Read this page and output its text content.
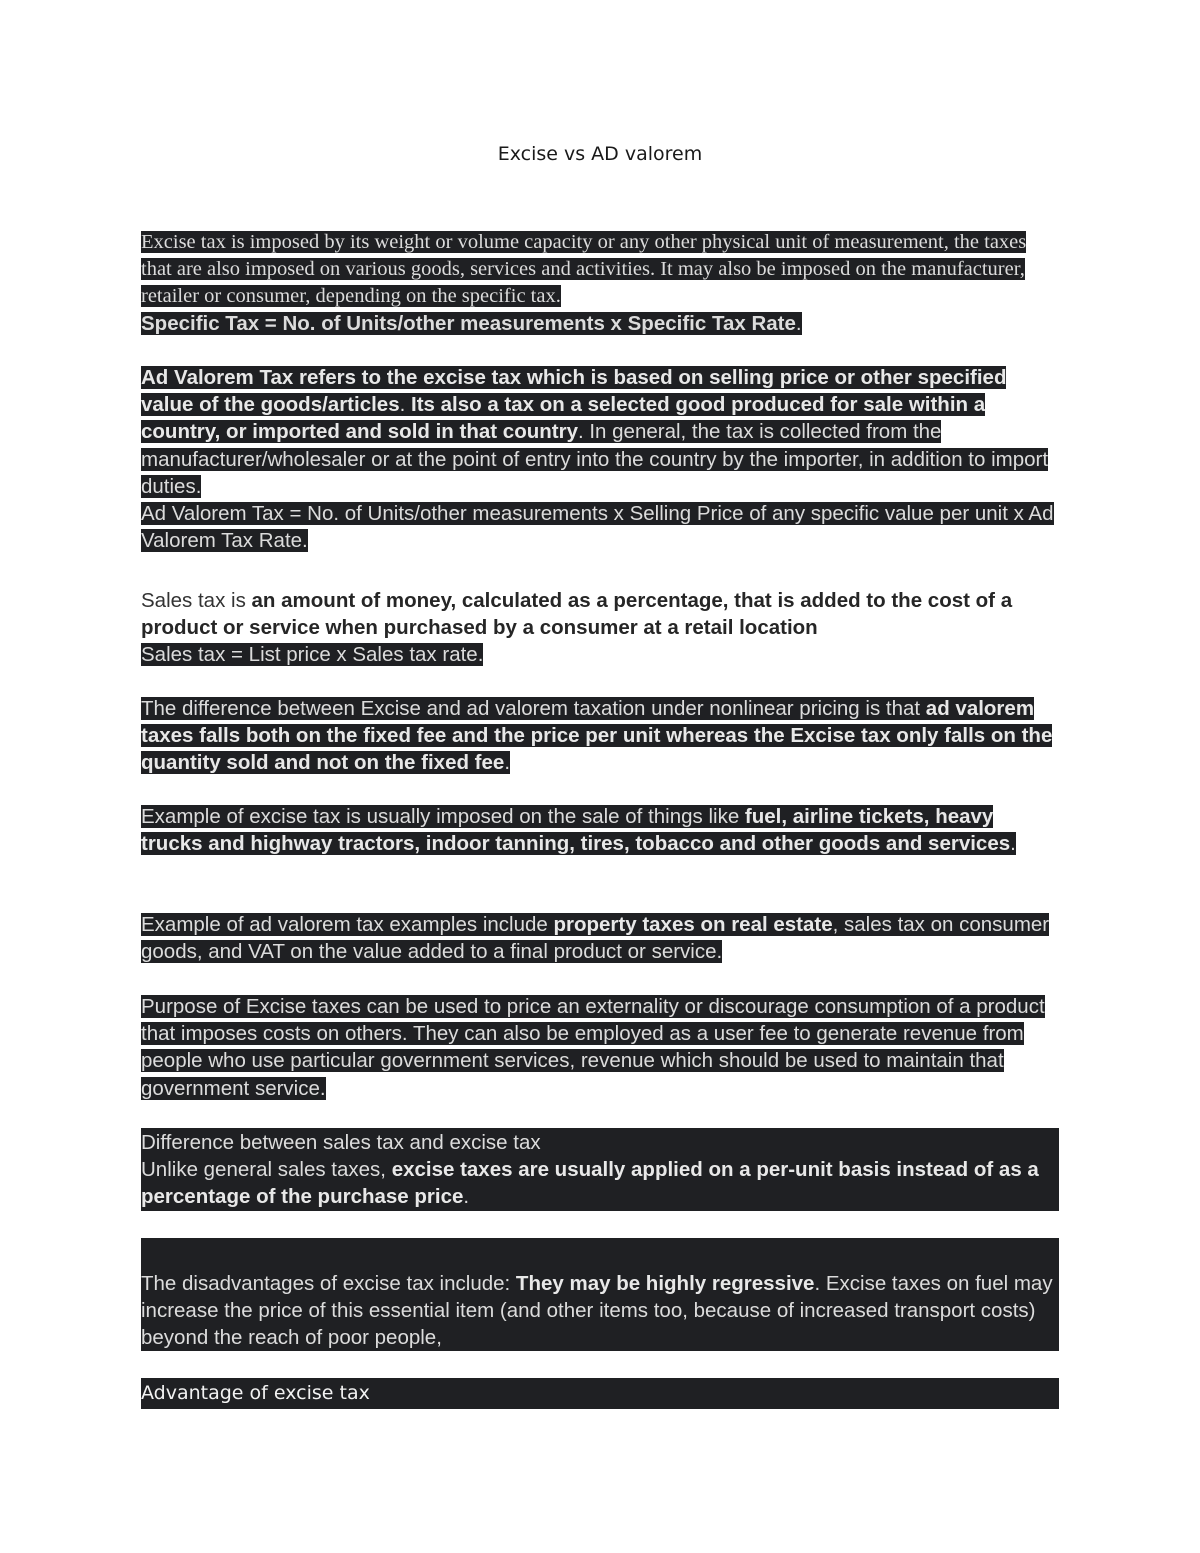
Excise vs AD valorem
Excise tax is imposed by its weight or volume capacity or any other physical unit of measurement, the taxes that are also imposed on various goods, services and activities. It may also be imposed on the manufacturer, retailer or consumer, depending on the specific tax.
Specific Tax = No. of Units/other measurements x Specific Tax Rate.
Ad Valorem Tax refers to the excise tax which is based on selling price or other specified value of the goods/articles. Its also a tax on a selected good produced for sale within a country, or imported and sold in that country. In general, the tax is collected from the manufacturer/wholesaler or at the point of entry into the country by the importer, in addition to import duties.
Ad Valorem Tax = No. of Units/other measurements x Selling Price of any specific value per unit x Ad Valorem Tax Rate.
Sales tax is an amount of money, calculated as a percentage, that is added to the cost of a product or service when purchased by a consumer at a retail location
Sales tax = List price x Sales tax rate.
The difference between Excise and ad valorem taxation under nonlinear pricing is that ad valorem taxes falls both on the fixed fee and the price per unit whereas the Excise tax only falls on the quantity sold and not on the fixed fee.
Example of excise tax is usually imposed on the sale of things like fuel, airline tickets, heavy trucks and highway tractors, indoor tanning, tires, tobacco and other goods and services.
Example of ad valorem tax examples include property taxes on real estate, sales tax on consumer goods, and VAT on the value added to a final product or service.
Purpose of Excise taxes can be used to price an externality or discourage consumption of a product that imposes costs on others. They can also be employed as a user fee to generate revenue from people who use particular government services, revenue which should be used to maintain that government service.
Difference between sales tax and excise tax
Unlike general sales taxes, excise taxes are usually applied on a per-unit basis instead of as a percentage of the purchase price.
The disadvantages of excise tax include: They may be highly regressive. Excise taxes on fuel may increase the price of this essential item (and other items too, because of increased transport costs) beyond the reach of poor people,
Advantage of excise tax
